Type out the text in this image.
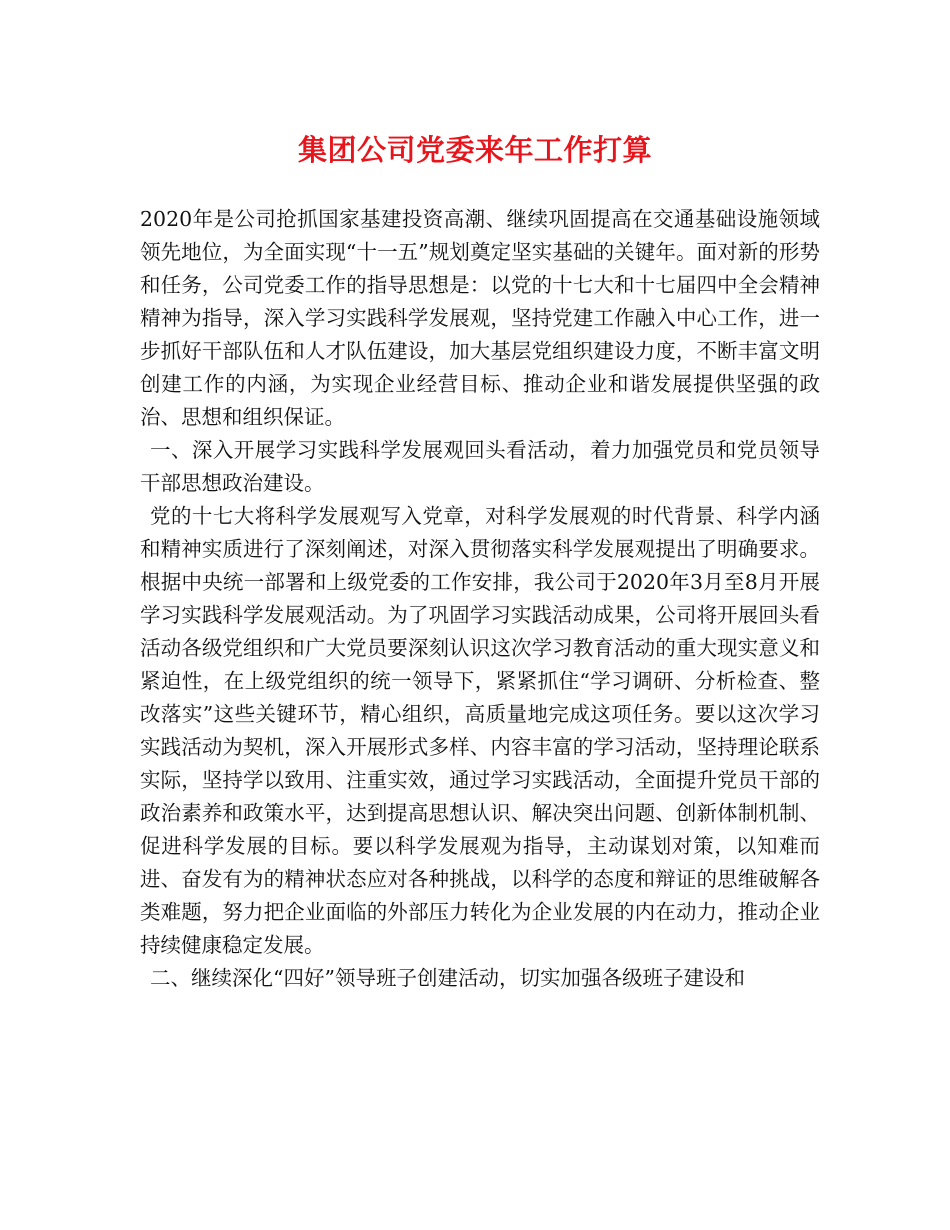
集团公司党委来年工作打算

2020年是公司抢抓国家基建投资高潮、继续巩固提高在交通基础设施领域领先地位，为全面实现“十一五”规划奠定坚实基础的关键年。面对新的形势和任务，公司党委工作的指导思想是：以党的十七大和十七届四中全会精神精神为指导，深入学习实践科学发展观，坚持党建工作融入中心工作，进一步抓好干部队伍和人才队伍建设，加大基层党组织建设力度，不断丰富文明创建工作的内涵，为实现企业经营目标、推动企业和谐发展提供坚强的政治、思想和组织保证。

一、深入开展学习实践科学发展观回头看活动，着力加强党员和党员领导干部思想政治建设。

党的十七大将科学发展观写入党章，对科学发展观的时代背景、科学内涵和精神实质进行了深刻阐述，对深入贯彻落实科学发展观提出了明确要求。根据中央统一部署和上级党委的工作安排，我公司于2020年3月至8月开展学习实践科学发展观活动。为了巩固学习实践活动成果，公司将开展回头看活动各级党组织和广大党员要深刻认识这次学习教育活动的重大现实意义和紧迫性，在上级党组织的统一领导下，紧紧抓住“学习调研、分析检查、整改落实”这些关键环节，精心组织，高质量地完成这项任务。要以这次学习实践活动为契机，深入开展形式多样、内容丰富的学习活动，坚持理论联系实际，坚持学以致用、注重实效，通过学习实践活动，全面提升党员干部的政治素养和政策水平，达到提高思想认识、解决突出问题、创新体制机制、促进科学发展的目标。要以科学发展观为指导，主动谋划对策，以知难而进、奋发有为的精神状态应对各种挑战，以科学的态度和辩证的思维破解各类难题，努力把企业面临的外部压力转化为企业发展的内在动力，推动企业持续健康稳定发展。

二、继续深化“四好”领导班子创建活动，切实加强各级班子建设和
